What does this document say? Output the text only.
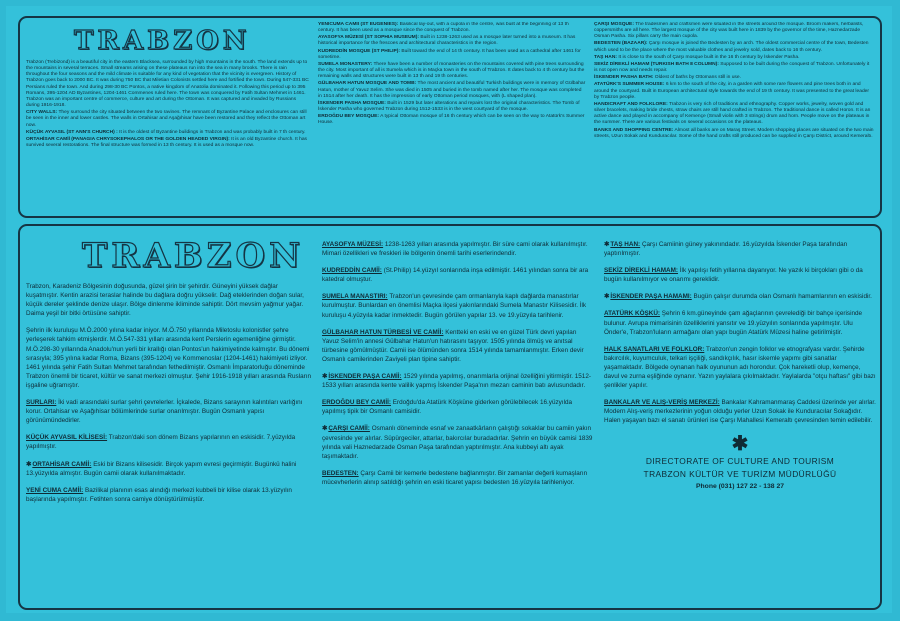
TRABZON

Trabzon (Trebizond) is a beautiful city in the eastern Blacksea, surrounded by high mountains in the south. The land extends up to the mountains in several terraces. Small streams arising on these plateaus run into the sea in many brooks. There is rain throughout the four seasons and the mild climate is suitable for any kind of vegetation that the vicinity is evergreen. History of Trabzon goes back to 2000 BC. It was during 750 BC that Miletian Colonists settled here and fortified the town. During 547-331 BC Persians ruled the town. And during 298-30 BC Pontos, a native kingdom of Anatolia dominated it. Following this period up to 395 Romans, 395-1204 AD Byzantines, 1204-1461 Commenes ruled here. The town was conquered by Fatih Sultan Mehmet in 1461. Trabzon was an important centre of commerce, culture and art during the Ottoman. It was captured and invaded by Russians during 1916-1918.

CITY WALLS: They surround the city situated between the two ravines. The remnant of Byzantine Palace and enclosures can still be seen in the inner and lower castles. The walls in Ortahisar and Aşağıhisar have been restored and they reflect the Ottoman art now.

KÜÇÜK AYVASIL (ST ANN'S CHURCH) : It is the oldest of Byzantine buildings in Trabzon and was probably built in 7 th century.

ORTAHİSAR CAMİİ (PANAGIA CHRYSOKEPHALOS OR THE GOLDEN HEADED VIRGIN): It is an old Byzantine church. It has survived several restorations. The final structure was formed in 13 th century. It is used as a mosque now.

YENİCUMA CAMİİ (ST EUGENIES): Basilical lay-out, with a cupola in the centre, was built at the beginning of 13 th century. It has been used as a mosque since the conquest of Trabzon.

AYASOFYA MÜZESİ (ST SOPHIA MUSEUM): Built in 1238-1263 used as a mosque later turned into a museum. It has historical importance for the frescoes and architectural characteristics in the region.

KUDREDDİN MOSQUE (ST PHILIP): Built toward the end of 14 th century. It has been used as a cathedral after 1461 for sometime.

SUMELA MONASTERY: There have been a number of monasteries on the mountains covered with pine trees surrounding the city. Most important of all is Sumela which is in Maçka town in the south of Trabzon. It dates back to 4 th century but the remaining walls and structures were built in 13 th and 19 th centuries.

GÜLBAHAR HATUN MOSQUE AND TOMB: The most ancient and beautiful Turkish buildings were in memory of Gülbahar Hatun, mother of Yavuz Selim. She was died in 1505 and buried in the tomb named after her. The mosque was completed in 1514 after her death. It has the impression of early Ottoman period mosques, with (L shaped plan).

İSKENDER PASHA MOSQUE: Built in 1529 but later alterations and repairs lost the original characteristics. The Tomb of İskender Pasha who governed Trabzon during 1512-1533 is in the west courtyard of the mosque.

ERDOĞDU BEY MOSQUE: A typical Ottoman mosque of 16 th century which can be seen on the way to Atatürk's Summer House.

ÇARŞI MOSQUE: The tradesmen and craftsmen were situated in the streets around the mosque. Broom makers, herbalists, coppersmiths are all here. The largest mosque of the city was built here in 1839 by the governor of the time, Haznedarzade Osman Pasha. Six pillars carry the main cupola.

BEDESTEN (BAZAAR): Çarşı mosque is joined the Bedesten by an arch. The oldest commercial centre of the town, Bedesten which used to be the place where the most valuable clothes and jewelry sold, dates back to 16 th century.

TAŞ HAN: It is close to the south of Çarşı mosque built in the 16 th century by İskender Pasha.

SEKİZ DİREKLİ HAMAM (TURKISH BATH 8 COLUMN): Supposed to be built during the conquest of Trabzon. Unfortunately it is not open now and needs repair.

İSKENDER PASHA BATH: Oldest of baths by Ottomans still in use.

ATATÜRK'S SUMMER HOUSE: 6 km to the south of the city, in a garden with some rare flowers and pine trees both in and around the courtyard. Built in European architectural style towards the end of 19 th century. It was presented to the great leader by Trabzon people.

HANDICRAFT AND FOLKLORE: Trabzon is very rich of traditions and ethnography. Copper works, jewelry, woven gold and silver bracelets, making bride chests, straw chairs are still hand crafted in Trabzon. The traditional dance is called Horon. It is an active dance and played in accompany of Kemençe (Small violin with 3 strings) drum and horn. People move on the plateaus in the summer. There are various festivals on several occasions on the plateaus.

BANKS AND SHOPPING CENTRE: Almost all banks are on Maraş Street. Modern shopping places are situated on the two main streets, Uzun Sokak and Kunduracılar. Some of the hand crafts still produced can be supplied in Çarşı District, around Kemeraltı.

TRABZON

Trabzon, Karadeniz Bölgesinin doğusunda, güzel şirin bir şehirdir. Güneyini yüksek dağlar kuşatmıştır. Kentin arazisi teraslar halinde bu dağlara doğru yükselir. Dağ eteklerinden doğan sular, küçük dereler şeklinde denize ulaşır. Bölge dinlenme ikliminde sahiptir. Dört mevsim yağmur yağar. Daima yeşil bir bitki örtüsüne sahiptir.

Şehrin ilk kuruluşu M.Ö.2000 yılına kadar iniyor. M.Ö.750 yıllarında Miletoslu kolonistler şehre yerleşerek tahkim etmişlerdir. M.Ö.547-331 yılları arasında kent Perslerin egemenliğine girmiştir. M.Ö.298-30 yıllarında Anadolu'nun yerli bir krallığı olan Pontos'un hakimiyetinde kalmıştır. Bu dönemi sırasıyla; 395 yılına kadar Roma, Bizans (395-1204) ve Kommenoslar (1204-1461) hakimiyeti izliyor. 1461 yılında şehir Fatih Sultan Mehmet tarafından fethedilmiştir. Osmanlı İmparatorluğu döneminde Trabzon önemli bir ticaret, kültür ve sanat merkezi olmuştur. Şehir 1916-1918 yılları arasında Rusların işgaline uğramıştır.

SURLARI: İki vadi arasındaki surlar şehri çevrelerler. İçkalede, Bizans sarayının kalıntıları varlığını korur. Ortahisar ve Aşağıhisar bölümlerinde surlar onarılmıştır. Bugün Osmanlı yapısı görünümündedirler.

KÜÇÜK AYVASIL KİLİSESİ: Trabzon'daki son dönem Bizans yapılarının en eskisidir. 7.yüzyılda yapılmıştır.

✱ORTAHİSAR CAMİİ: Eski bir Bizans kilisesidir. Birçok yapım evresi geçirmiştir. Bugünkü halini 13.yüzyılda almıştır. Bugün camii olarak kullanılmaktadır.

YENİ CUMA CAMİİ: Bazilikal planının esas alındığı merkezi kubbeli bir kilise olarak 13.yüzyılın başlarında yapılmıştır. Fetihten sonra camiye dönüştürülmüştür.

AYASOFYA MÜZESİ: 1238-1263 yılları arasında yapılmıştır. Bir süre cami olarak kullanılmıştır. Mimari özellikleri ve freskleri ile bölgenin önemli tarihi eserlerindendir.

KUDREDDİN CAMİİ: (St.Philip) 14.yüzyıl sonlarında inşa edilmiştir. 1461 yılından sonra bir ara katedral olmuştur.

SUMELA MANASTIRI: Trabzon'un çevresinde çam ormanlarıyla kaplı dağlarda manastırlar kurulmuştur. Bunlardan en önemlisi Maçka ilçesi yakınlarındaki Sumela Manastır Kilisesidir. İlk kuruluşu 4.yüzyıla kadar inmektedir. Bugün görülen yapılar 13. ve 19.yüzyıla tarihlenir.

GÜLBAHAR HATUN TÜRBESİ VE CAMİİ: Kentteki en eski ve en güzel Türk devri yapıları Yavuz Selim'in annesi Gülbahar Hatun'un hatırasını taşıyor. 1505 yılında ölmüş ve anıtsal türbesine gömülmüştür. Camii ise ölümünden sonra 1514 yılında tamamlanmıştır. Erken devir Osmanlı camilerinden Zaviyeli plan tipine sahiptir.

✱İSKENDER PAŞA CAMİİ: 1529 yılında yapılmış, onarımlarla orijinal özelliğini yitirmiştir. 1512-1533 yılları arasında kente valilik yapmış İskender Paşa'nın mezarı caminin batı avlusundadır.

ERDOĞDU BEY CAMİİ: Erdoğdu'da Atatürk Köşküne giderken görülebilecek 16.yüzyılda yapılmış tipik bir Osmanlı camisidir.

✱ÇARŞI CAMİİ: Osmanlı döneminde esnaf ve zanaatkârların çalıştığı sokaklar bu camiin yakın çevresinde yer alırlar. Süpürgeciler, attarlar, bakırcılar buradadırlar. Şehrin en büyük camisi 1839 yılında vali Haznedarzade Osman Paşa tarafından yaptırılmıştır. Ana kubbeyi altı ayak taşımaktadır.

BEDESTEN: Çarşı Camii bir kemerle bedestene bağlanmıştır. Bir zamanlar değerli kumaşların mücevherlerin alınıp satıldığı şehrin en eski ticaret yapısı bedesten 16.yüzyıla tarihleniyor.

✱TAŞ HAN: Çarşı Camiinin güney yakınındadır. 16.yüzyılda İskender Paşa tarafından yaptırılmıştır.

SEKİZ DİREKLİ HAMAM: İlk yapılışı fetih yıllarına dayanıyor. Ne yazık ki birçokları gibi o da bugün kullanılmıyor ve onarımı gereklidir.

✱İSKENDER PAŞA HAMAMI: Bugün çalışır durumda olan Osmanlı hamamlarının en eskisidir.

ATATÜRK KÖŞKÜ: Şehrin 6 km.güneyinde çam ağaçlarının çevrelediği bir bahçe içerisinde bulunur. Avrupa mimarisinin özelliklerini yansıtır ve 19.yüzyılın sonlarında yapılmıştır. Ulu Önder'e, Trabzon'luların armağanı olan yapı bugün Atatürk Müzesi haline getirilmiştir.

HALK SANATLARI VE FOLKLOR: Trabzon'un zengin folklor ve etnografyası vardır. Şehirde bakırcılık, kuyumculuk, telkari işçiliği, sandıkçılık, hasır iskemle yapımı gibi sanatlar yaşamaktadır. Bölgede oynanan halk oyununun adı horondur. Çok hareketli olup, kemençe, davul ve zurna eşliğinde oynanır. Yazın yaylalara çıkılmaktadır. Yaylalarda "otçu haftası" gibi bazı şenlikler yapılır.

BANKALAR VE ALIŞ-VERİŞ MERKEZİ: Bankalar Kahramanmaraş Caddesi üzerinde yer alırlar. Modern Alış-veriş merkezlerinin yoğun olduğu yerler Uzun Sokak ile Kunduracılar Sokağıdır. Halen yaşayan bazı el sanatı ürünleri ise Çarşı Mahallesi Kemeraltı çevresinden temin edilebilir.

✱
DIRECTORATE OF CULTURE AND TOURISM
TRABZON KÜLTÜR VE TURİZM MÜDÜRLÜĞÜ
Phone (031) 127 22 - 138 27
